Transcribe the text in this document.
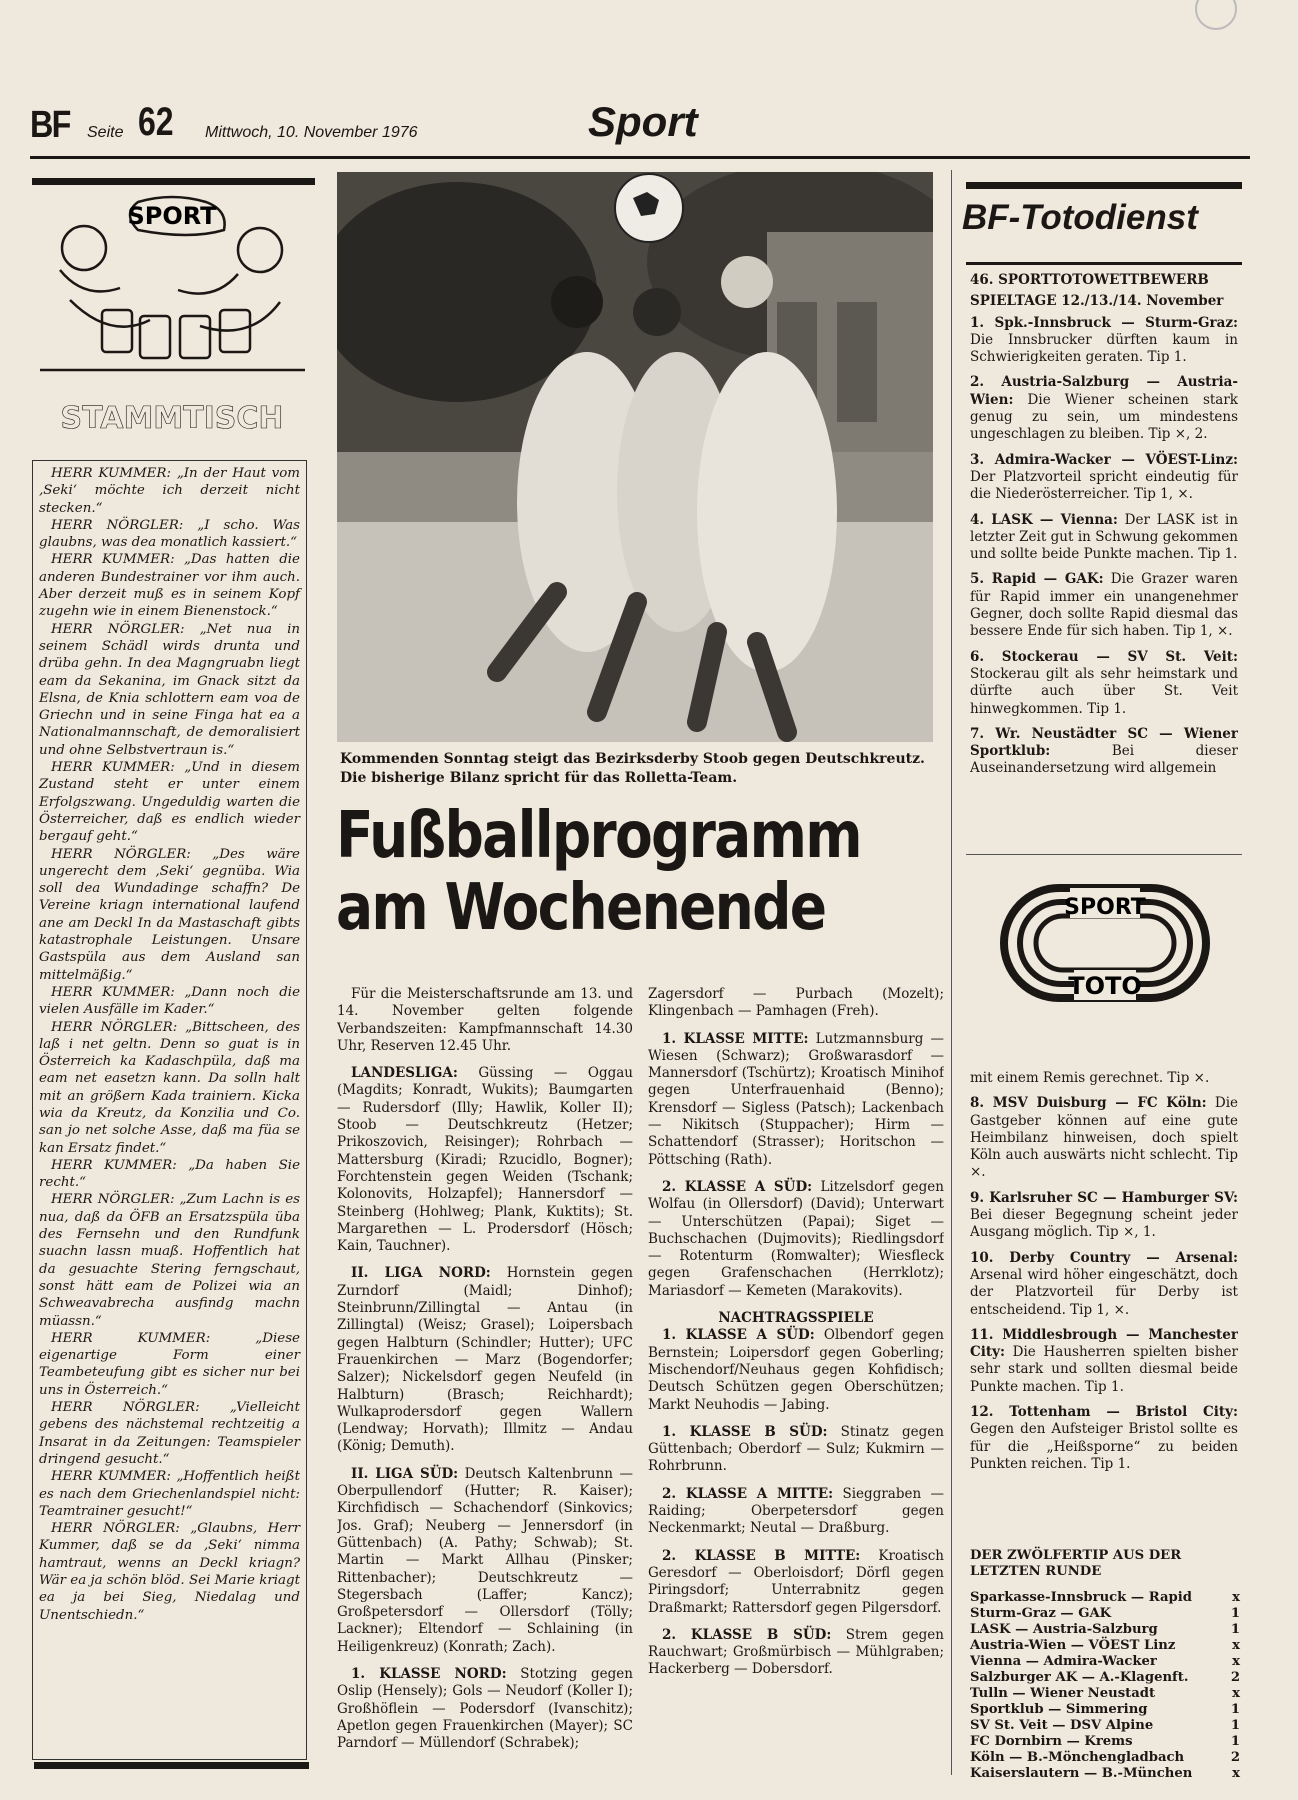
BF Seite 62 Mittwoch, 10. November 1976	Sport
SPORT
STAMMTISCH

HERR KUMMER: „In der Haut vom ‚Seki‘ möchte ich derzeit nicht stecken.“

HERR NÖRGLER: „I scho. Was glaubns, was dea monatlich kassiert.“

HERR KUMMER: „Das hatten die anderen Bundestrainer vor ihm auch. Aber derzeit muß es in seinem Kopf zugehn wie in einem Bienenstock.“

HERR NÖRGLER: „Net nua in seinem Schädl wirds drunta und drüba gehn. In dea Magngruabn liegt eam da Sekanina, im Gnack sitzt da Elsna, de Knia schlottern eam voa de Griechn und in seine Finga hat ea a Nationalmannschaft, de demoralisiert und ohne Selbstvertraun is.“

HERR KUMMER: „Und in diesem Zustand steht er unter einem Erfolgszwang. Ungeduldig warten die Österreicher, daß es endlich wieder bergauf geht.“

HERR NÖRGLER: „Des wäre ungerecht dem ‚Seki‘ gegnüba. Wia soll dea Wundadinge schaffn? De Vereine kriagn international laufend ane am Deckl In da Mastaschaft gibts katastrophale Leistungen. Unsare Gastspüla aus dem Ausland san mittelmäßig.“

HERR KUMMER: „Dann noch die vielen Ausfälle im Kader.“

HERR NÖRGLER: „Bittscheen, des laß i net geltn. Denn so guat is in Österreich ka Kadaschpüla, daß ma eam net easetzn kann. Da solln halt mit an größern Kada trainiern. Kicka wia da Kreutz, da Konzilia und Co. san jo net solche Asse, daß ma füa se kan Ersatz findet.“

HERR KUMMER: „Da haben Sie recht.“

HERR NÖRGLER: „Zum Lachn is es nua, daß da ÖFB an Ersatzspüla üba des Fernsehn und den Rundfunk suachn lassn muaß. Hoffentlich hat da gesuachte Stering ferngschaut, sonst hätt eam de Polizei wia an Schweavabrecha ausfindg machn müassn.“

HERR KUMMER: „Diese eigenartige Form einer Teambeteufung gibt es sicher nur bei uns in Österreich.“

HERR NÖRGLER: „Vielleicht gebens des nächstemal rechtzeitig a Insarat in da Zeitungen: Teamspieler dringend gesucht.“

HERR KUMMER: „Hoffentlich heißt es nach dem Griechenlandspiel nicht: Teamtrainer gesucht!“

HERR NÖRGLER: „Glaubns, Herr Kummer, daß se da ‚Seki‘ nimma hamtraut, wenns an Deckl kriagn? Wär ea ja schön blöd. Sei Marie kriagt ea ja bei Sieg, Niedalag und Unentschiedn.“

Kommenden Sonntag steigt das Bezirksderby Stoob gegen Deutschkreutz. Die bisherige Bilanz spricht für das Rolletta-Team.
Fußballprogramm
am Wochenende

Für die Meisterschaftsrunde am 13. und 14. November gelten folgende Verbandszeiten: Kampfmannschaft 14.30 Uhr, Reserven 12.45 Uhr.

LANDESLIGA: Güssing — Oggau (Magdits; Konradt, Wukits); Baumgarten — Rudersdorf (Illy; Hawlik, Koller II); Stoob — Deutschkreutz (Hetzer; Prikoszovich, Reisinger); Rohrbach — Mattersburg (Kiradi; Rzucidlo, Bogner); Forchtenstein gegen Weiden (Tschank; Kolonovits, Holzapfel); Hannersdorf — Steinberg (Hohlweg; Plank, Kuktits); St. Margarethen — L. Prodersdorf (Hösch; Kain, Tauchner).

II. LIGA NORD: Hornstein gegen Zurndorf (Maidl; Dinhof); Steinbrunn/Zillingtal — Antau (in Zillingtal) (Weisz; Grasel); Loipersbach gegen Halbturn (Schindler; Hutter); UFC Frauenkirchen — Marz (Bogendorfer; Salzer); Nickelsdorf gegen Neufeld (in Halbturn) (Brasch; Reichhardt); Wulkaprodersdorf gegen Wallern (Lendway; Horvath); Illmitz — Andau (König; Demuth).

II. LIGA SÜD: Deutsch Kaltenbrunn — Oberpullendorf (Hutter; R. Kaiser); Kirchfidisch — Schachendorf (Sinkovics; Jos. Graf); Neuberg — Jennersdorf (in Güttenbach) (A. Pathy; Schwab); St. Martin — Markt Allhau (Pinsker; Rittenbacher); Deutschkreutz — Stegersbach (Laffer; Kancz); Großpetersdorf — Ollersdorf (Tölly; Lackner); Eltendorf — Schlaining (in Heiligenkreuz) (Konrath; Zach).

1. KLASSE NORD: Stotzing gegen Oslip (Hensely); Gols — Neudorf (Koller I); Großhöflein — Podersdorf (Ivanschitz); Apetlon gegen Frauenkirchen (Mayer); SC Parndorf — Müllendorf (Schrabek);

Zagersdorf — Purbach (Mozelt); Klingenbach — Pamhagen (Freh).

1. KLASSE MITTE: Lutzmannsburg — Wiesen (Schwarz); Großwarasdorf — Mannersdorf (Tschürtz); Kroatisch Minihof gegen Unterfrauenhaid (Benno); Krensdorf — Sigless (Patsch); Lackenbach — Nikitsch (Stuppacher); Hirm — Schattendorf (Strasser); Horitschon — Pöttsching (Rath).

2. KLASSE A SÜD: Litzelsdorf gegen Wolfau (in Ollersdorf) (David); Unterwart — Unterschützen (Papai); Siget — Buchschachen (Dujmovits); Riedlingsdorf — Rotenturm (Romwalter); Wiesfleck gegen Grafenschachen (Herrklotz); Mariasdorf — Kemeten (Marakovits).

NACHTRAGSSPIELE

1. KLASSE A SÜD: Olbendorf gegen Bernstein; Loipersdorf gegen Goberling; Mischendorf/Neuhaus gegen Kohfidisch; Deutsch Schützen gegen Oberschützen; Markt Neuhodis — Jabing.

1. KLASSE B SÜD: Stinatz gegen Güttenbach; Oberdorf — Sulz; Kukmirn — Rohrbrunn.

2. KLASSE A MITTE: Sieggraben — Raiding; Oberpetersdorf gegen Neckenmarkt; Neutal — Draßburg.

2. KLASSE B MITTE: Kroatisch Geresdorf — Oberloisdorf; Dörfl gegen Piringsdorf; Unterrabnitz gegen Draßmarkt; Rattersdorf gegen Pilgersdorf.

2. KLASSE B SÜD: Strem gegen Rauchwart; Großmürbisch — Mühlgraben; Hackerberg — Dobersdorf.

BF-Totodienst
46. SPORTTOTOWETTBEWERB
SPIELTAGE 12./13./14. November

1. Spk.-Innsbruck — Sturm-Graz: Die Innsbrucker dürften kaum in Schwierigkeiten geraten. Tip 1.

2. Austria-Salzburg — Austria-Wien: Die Wiener scheinen stark genug zu sein, um mindestens ungeschlagen zu bleiben. Tip ×, 2.

3. Admira-Wacker — VÖEST-Linz: Der Platzvorteil spricht eindeutig für die Niederösterreicher. Tip 1, ×.

4. LASK — Vienna: Der LASK ist in letzter Zeit gut in Schwung gekommen und sollte beide Punkte machen. Tip 1.

5. Rapid — GAK: Die Grazer waren für Rapid immer ein unangenehmer Gegner, doch sollte Rapid diesmal das bessere Ende für sich haben. Tip 1, ×.

6. Stockerau — SV St. Veit: Stockerau gilt als sehr heimstark und dürfte auch über St. Veit hinwegkommen. Tip 1.

7. Wr. Neustädter SC — Wiener Sportklub: Bei dieser Auseinandersetzung wird allgemein

SPORT
TOTO

mit einem Remis gerechnet. Tip ×.

8. MSV Duisburg — FC Köln: Die Gastgeber können auf eine gute Heimbilanz hinweisen, doch spielt Köln auch auswärts nicht schlecht. Tip ×.

9. Karlsruher SC — Hamburger SV: Bei dieser Begegnung scheint jeder Ausgang möglich. Tip ×, 1.

10. Derby Country — Arsenal: Arsenal wird höher eingeschätzt, doch der Platzvorteil für Derby ist entscheidend. Tip 1, ×.

11. Middlesbrough — Manchester City: Die Hausherren spielten bisher sehr stark und sollten diesmal beide Punkte machen. Tip 1.

12. Tottenham — Bristol City: Gegen den Aufsteiger Bristol sollte es für die „Heißsporne“ zu beiden Punkten reichen. Tip 1.

DER ZWÖLFERTIP AUS DER LETZTEN RUNDE
Sparkasse-Innsbruck — Rapid	x
Sturm-Graz — GAK	1
LASK — Austria-Salzburg	1
Austria-Wien — VÖEST Linz	x
Vienna — Admira-Wacker	x
Salzburger AK — A.-Klagenft.	2
Tulln — Wiener Neustadt	x
Sportklub — Simmering	1
SV St. Veit — DSV Alpine	1
FC Dornbirn — Krems	1
Köln — B.-Mönchengladbach	2
Kaiserslautern — B.-München	x
